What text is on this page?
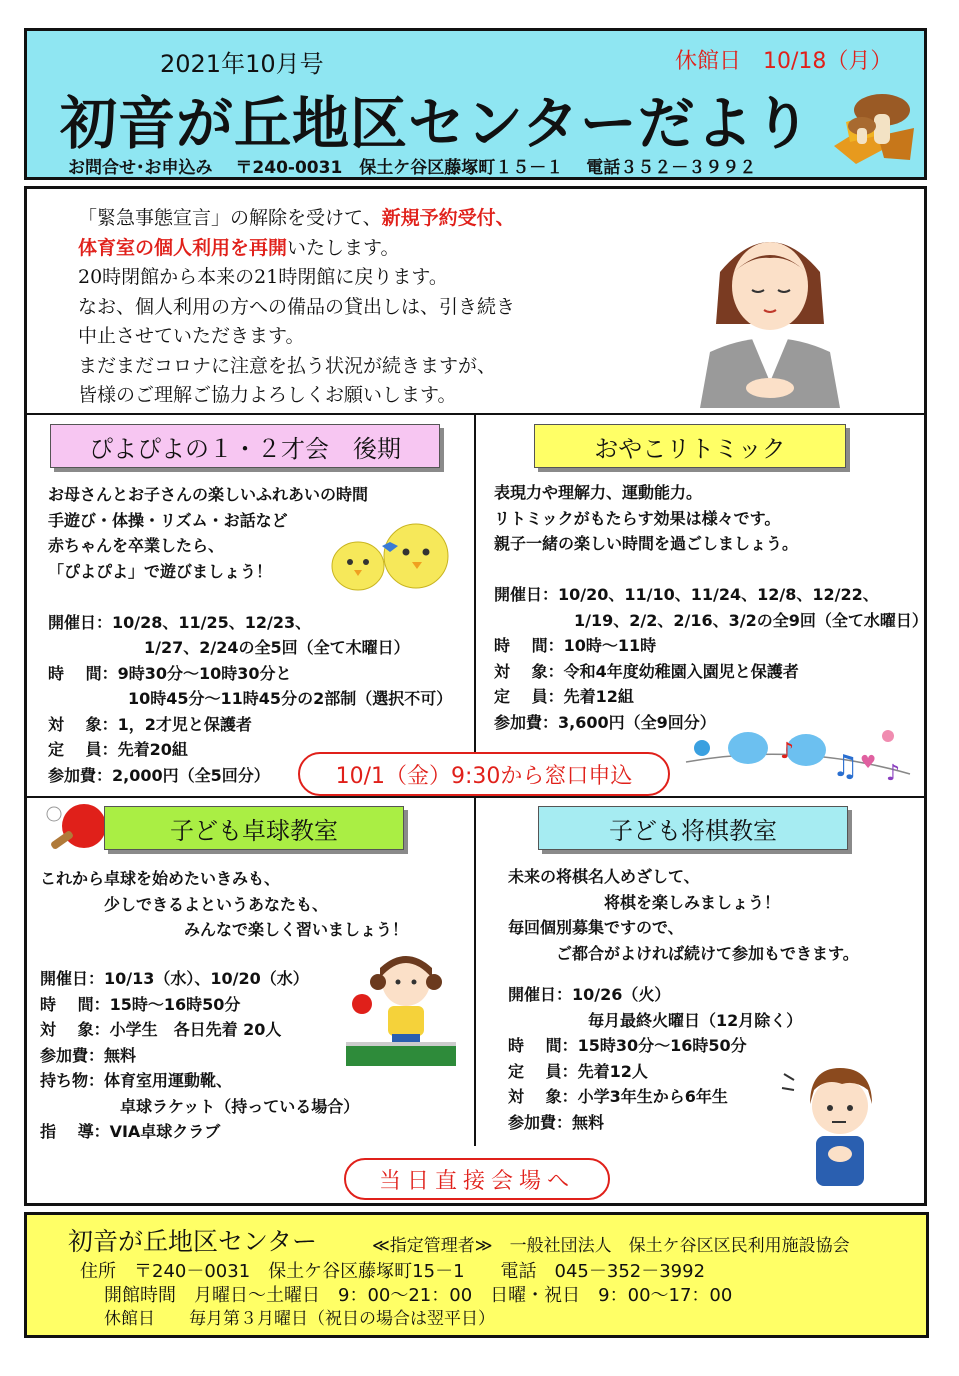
2021年10月号	休館日　10/18（月）
初音が丘地区センターだより
お問合せ･お申込み　 〒240-0031　保土ケ谷区藤塚町１５－１　 電話３５２－３９９２
「緊急事態宣言」の解除を受けて、新規予約受付、
体育室の個人利用を再開いたします。
20時閉館から本来の21時閉館に戻ります。
なお、個人利用の方への備品の貸出しは、引き続き
中止させていただきます。
まだまだコロナに注意を払う状況が続きますが、
皆様のご理解ご協力よろしくお願いします。
ぴよぴよの１・２才会　後期
お母さんとお子さんの楽しいふれあいの時間
手遊び・体操・リズム・お話など
赤ちゃんを卒業したら、
「ぴよぴよ」で遊びましょう！

開催日：10/28、11/25、12/23、
　　　　　　1/27、2/24の全5回（全て木曜日）
時　 間：9時30分～10時30分と
　　　　　10時45分～11時45分の2部制（選択不可）
対　 象：1，2才児と保護者
定　 員：先着20組
参加費：2,000円（全5回分）
おやこリトミック
表現力や理解力、運動能力。
リトミックがもたらす効果は様々です。
親子一緒の楽しい時間を過ごしましょう。

開催日：10/20、11/10、11/24、12/8、12/22、
　　　　　1/19、2/2、2/16、3/2の全9回（全て水曜日）
時　 間：10時～11時
対　 象：令和4年度幼稚園入園児と保護者
定　 員：先着12組
参加費：3,600円（全9回分）
♪ ♫ ♥ ♪
10/1（金）9:30から窓口申込
子ども卓球教室
これから卓球を始めたいきみも、
　　　　少しできるよというあなたも、
　　　　　　　　　みんなで楽しく習いましょう！
開催日：10/13（水）、10/20（水）
時　 間：15時～16時50分
対　 象：小学生　各日先着 20人
参加費：無料
持ち物：体育室用運動靴、
　　　　　卓球ラケット（持っている場合）
指　 導：VIA卓球クラブ
子ども将棋教室
未来の将棋名人めざして、
　　　　　　将棋を楽しみましょう！
毎回個別募集ですので、
　　　ご都合がよければ続けて参加もできます。
開催日：10/26（火）
　　　　　毎月最終火曜日（12月除く）
時　 間：15時30分～16時50分
定　 員：先着12人
対　 象：小学3年生から6年生
参加費：無料
当日直接会場へ
初音が丘地区センター	≪指定管理者≫　一般社団法人　保土ケ谷区区民利用施設協会
住所　〒240－0031　保土ケ谷区藤塚町15－1　　電話　045－352－3992
開館時間　月曜日～土曜日　9：00～21：00　日曜・祝日　9：00～17：00
休館日　　毎月第３月曜日（祝日の場合は翌平日）
